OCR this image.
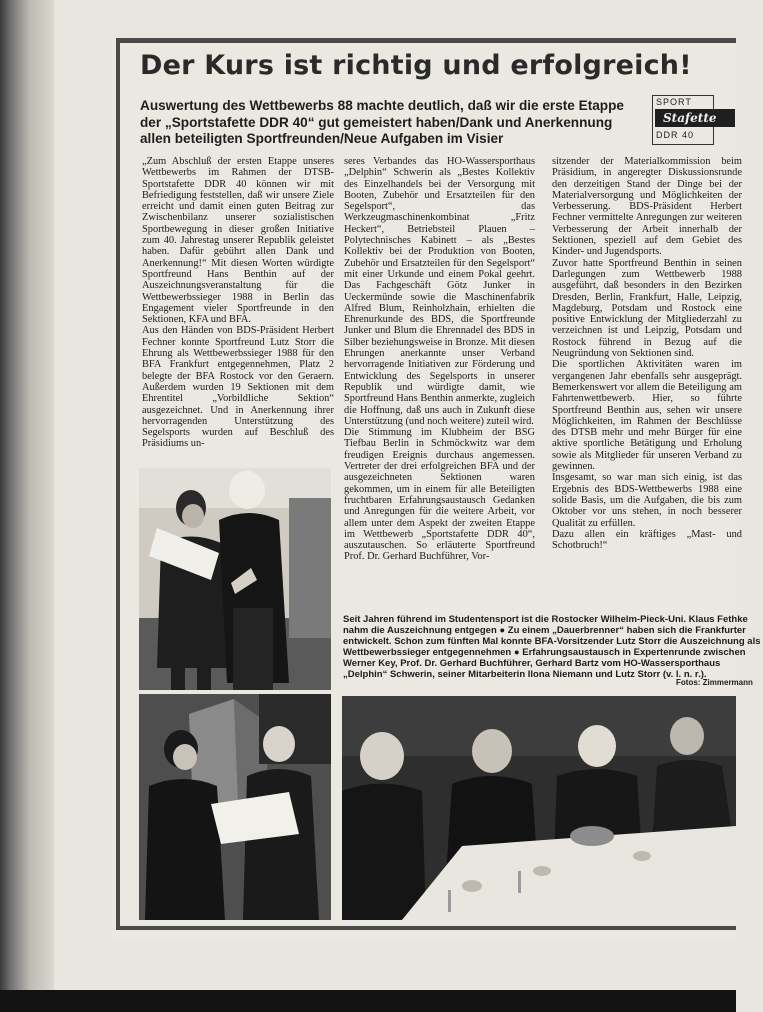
Der Kurs ist richtig und erfolgreich!

Auswertung des Wettbewerbs 88 machte deutlich, daß wir die erste Etappe der „Sportstafette DDR 40“ gut gemeistert haben/Dank und Anerkennung allen beteiligten Sportfreunden/Neue Aufgaben im Visier

SPORT
Stafette
DDR 40

„Zum Abschluß der ersten Etappe unseres Wettbewerbs im Rahmen der DTSB-Sportstafette DDR 40 können wir mit Befriedigung feststellen, daß wir unsere Ziele erreicht und damit einen guten Beitrag zur Zwischenbilanz unserer sozialistischen Sportbewegung in dieser großen Initiative zum 40. Jahrestag unserer Republik geleistet haben. Dafür gebührt allen Dank und Anerkennung!“ Mit diesen Worten würdigte Sportfreund Hans Benthin auf der Auszeichnungsveranstaltung für die Wettbewerbssieger 1988 in Berlin das Engagement vieler Sportfreunde in den Sektionen, KFA und BFA.

Aus den Händen von BDS-Präsident Herbert Fechner konnte Sportfreund Lutz Storr die Ehrung als Wettbewerbssieger 1988 für den BFA Frankfurt entgegennehmen, Platz 2 belegte der BFA Rostock vor den Geraern. Außerdem wurden 19 Sektionen mit dem Ehrentitel „Vorbildliche Sektion“ ausgezeichnet. Und in Anerkennung ihrer hervorragenden Unterstützung des Segelsports wurden auf Beschluß des Präsidiums un-

seres Verbandes das HO-Wassersporthaus „Delphin“ Schwerin als „Bestes Kollektiv des Einzelhandels bei der Versorgung mit Booten, Zubehör und Ersatzteilen für den Segelsport“, das Werkzeugmaschinenkombinat „Fritz Heckert“, Betriebsteil Plauen – Polytechnisches Kabinett – als „Bestes Kollektiv bei der Produktion von Booten, Zubehör und Ersatzteilen für den Segelsport“ mit einer Urkunde und einem Pokal geehrt. Das Fachgeschäft Götz Junker in Ueckermünde sowie die Maschinenfabrik Alfred Blum, Reinholzhain, erhielten die Ehrenurkunde des BDS, die Sportfreunde Junker und Blum die Ehrennadel des BDS in Silber beziehungsweise in Bronze. Mit diesen Ehrungen anerkannte unser Verband hervorragende Initiativen zur Förderung und Entwicklung des Segelsports in unserer Republik und würdigte damit, wie Sportfreund Hans Benthin anmerkte, zugleich die Hoffnung, daß uns auch in Zukunft diese Unterstützung (und noch weitere) zuteil wird.

Die Stimmung im Klubheim der BSG Tiefbau Berlin in Schmöckwitz war dem freudigen Ereignis durchaus angemessen. Vertreter der drei erfolgreichen BFA und der ausgezeichneten Sektionen waren gekommen, um in einem für alle Beteiligten fruchtbaren Erfahrungsaustausch Gedanken und Anregungen für die weitere Arbeit, vor allem unter dem Aspekt der zweiten Etappe im Wettbewerb „Sportstafette DDR 40“, auszutauschen. So erläuterte Sportfreund Prof. Dr. Gerhard Buchführer, Vor-

sitzender der Materialkommission beim Präsidium, in angeregter Diskussionsrunde den derzeitigen Stand der Dinge bei der Materialversorgung und Möglichkeiten der Verbesserung. BDS-Präsident Herbert Fechner vermittelte Anregungen zur weiteren Verbesserung der Arbeit innerhalb der Sektionen, speziell auf dem Gebiet des Kinder- und Jugendsports.

Zuvor hatte Sportfreund Benthin in seinen Darlegungen zum Wettbewerb 1988 ausgeführt, daß besonders in den Bezirken Dresden, Berlin, Frankfurt, Halle, Leipzig, Magdeburg, Potsdam und Rostock eine positive Entwicklung der Mitgliederzahl zu verzeichnen ist und Leipzig, Potsdam und Rostock führend in Bezug auf die Neugründung von Sektionen sind.

Die sportlichen Aktivitäten waren im vergangenen Jahr ebenfalls sehr ausgeprägt. Bemerkenswert vor allem die Beteiligung am Fahrtenwettbewerb. Hier, so führte Sportfreund Benthin aus, sehen wir unsere Möglichkeiten, im Rahmen der Beschlüsse des DTSB mehr und mehr Bürger für eine aktive sportliche Betätigung und Erholung sowie als Mitglieder für unseren Verband zu gewinnen.

Insgesamt, so war man sich einig, ist das Ergebnis des BDS-Wettbewerbs 1988 eine solide Basis, um die Aufgaben, die bis zum Oktober vor uns stehen, in noch besserer Qualität zu erfüllen.

Dazu allen ein kräftiges „Mast- und Schotbruch!“

Seit Jahren führend im Studentensport ist die Rostocker Wilhelm-Pieck-Uni. Klaus Fethke nahm die Auszeichnung entgegen ● Zu einem „Dauerbrenner“ haben sich die Frankfurter entwickelt. Schon zum fünften Mal konnte BFA-Vorsitzender Lutz Storr die Auszeichnung als Wettbewerbssieger entgegennehmen ● Erfahrungsaustausch in Expertenrunde zwischen Werner Key, Prof. Dr. Gerhard Buchführer, Gerhard Bartz vom HO-Wassersporthaus „Delphin“ Schwerin, seiner Mitarbeiterin Ilona Niemann und Lutz Storr (v. l. n. r.).

Fotos: Zimmermann
